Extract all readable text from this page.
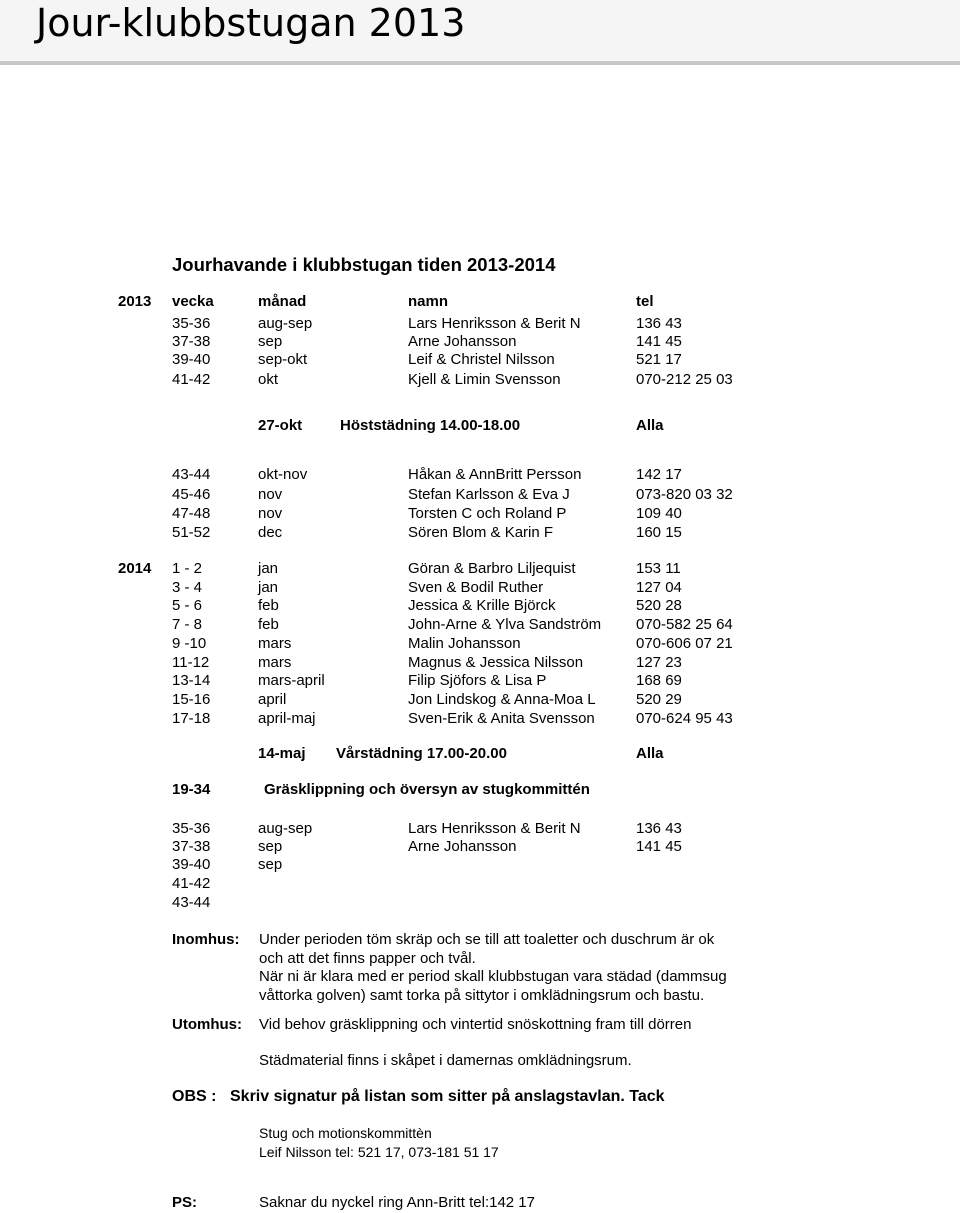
Jour-klubbstugan 2013
Jourhavande i klubbstugan tiden 2013-2014
2013 vecka	månad	namn	tel
35-36	aug-sep	Lars Henriksson & Berit N	136 43
37-38	sep	Arne Johansson	141 45
39-40	sep-okt	Leif & Christel Nilsson	521 17
41-42	okt	Kjell & Limin Svensson	070-212 25 03
27-okt	Höststädning 14.00-18.00	Alla
43-44	okt-nov	Håkan & AnnBritt Persson	142 17
45-46	nov	Stefan Karlsson & Eva J	073-820 03 32
47-48	nov	Torsten C och Roland P	109 40
51-52	dec	Sören Blom & Karin F	160 15
2014 1 - 2	jan	Göran & Barbro Liljequist	153 11
3 - 4	jan	Sven & Bodil Ruther	127 04
5 - 6	feb	Jessica & Krille Björck	520 28
7 - 8	feb	John-Arne & Ylva Sandström 070-582 25 64
9 -10	mars	Malin Johansson	070-606 07 21
11-12	mars	Magnus & Jessica Nilsson	127 23
13-14	mars-april	Filip Sjöfors & Lisa P	168 69
15-16	april	Jon Lindskog & Anna-Moa L	520 29
17-18	april-maj	Sven-Erik & Anita Svensson	070-624 95 43
14-maj Vårstädning 17.00-20.00	Alla
19-34	Gräsklippning och översyn av stugkommittén
35-36	aug-sep	Lars Henriksson & Berit N	136 43
37-38	sep	Arne Johansson	141 45
39-40	sep
41-42
43-44
Inomhus: Under perioden töm skräp och se till att toaletter och duschrum är ok
och att det finns papper och tvål.
När ni är klara med er period skall klubbstugan vara städad (dammsug
våttorka golven) samt torka på sittytor i omklädningsrum och bastu.
Utomhus: Vid behov gräsklippning och vintertid snöskottning fram till dörren
Städmaterial finns i skåpet i damernas omklädningsrum.
OBS : Skriv signatur på listan som sitter på anslagstavlan. Tack
Stug och motionskommittèn
Leif Nilsson tel: 521 17, 073-181 51 17
PS:	Saknar du nyckel ring Ann-Britt tel:142 17
